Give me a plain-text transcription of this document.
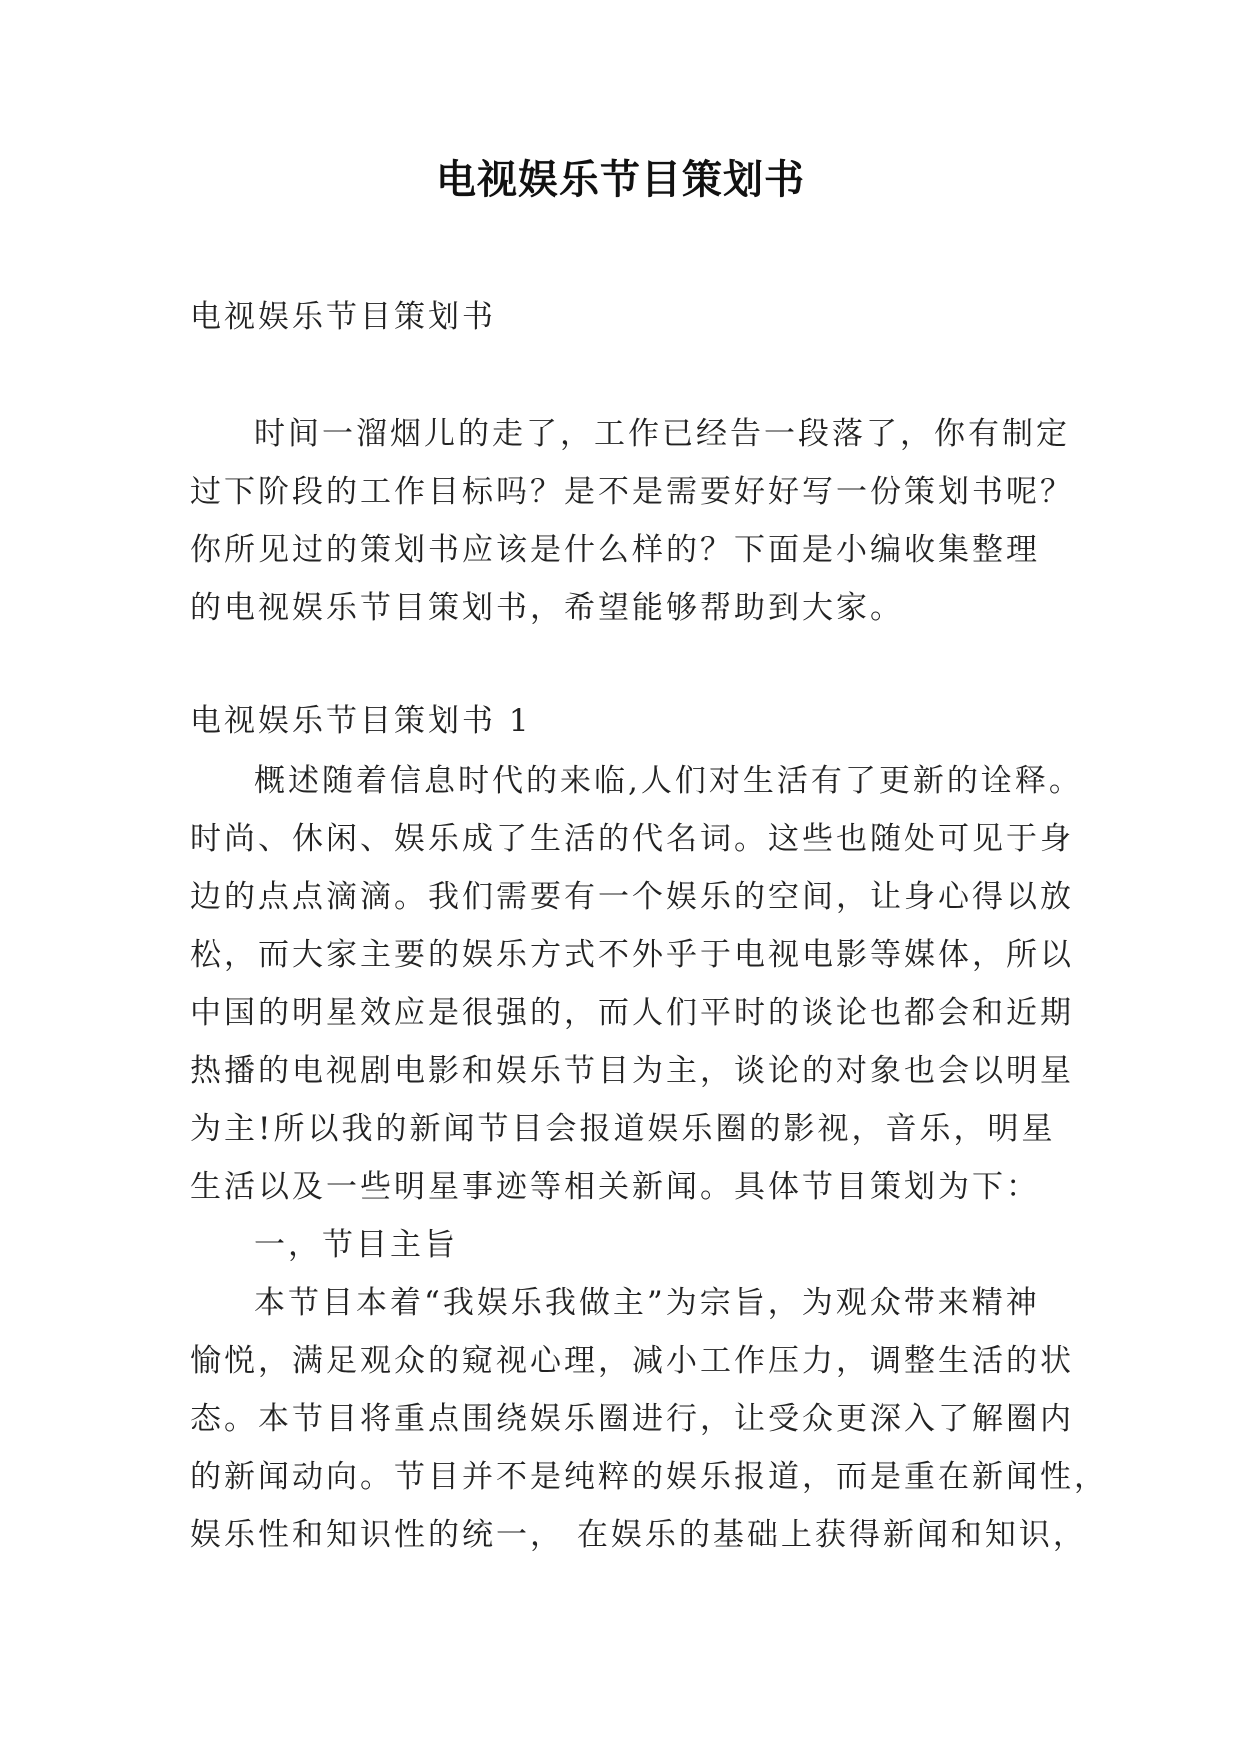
电视娱乐节目策划书
电视娱乐节目策划书
时间一溜烟儿的走了，工作已经告一段落了，你有制定
过下阶段的工作目标吗？是不是需要好好写一份策划书呢？
你所见过的策划书应该是什么样的？下面是小编收集整理
的电视娱乐节目策划书，希望能够帮助到大家。
电视娱乐节目策划书 1
概述随着信息时代的来临,人们对生活有了更新的诠释。
时尚、休闲、娱乐成了生活的代名词。这些也随处可见于身
边的点点滴滴。我们需要有一个娱乐的空间，让身心得以放
松，而大家主要的娱乐方式不外乎于电视电影等媒体，所以
中国的明星效应是很强的，而人们平时的谈论也都会和近期
热播的电视剧电影和娱乐节目为主，谈论的对象也会以明星
为主!所以我的新闻节目会报道娱乐圈的影视，音乐，明星
生活以及一些明星事迹等相关新闻。具体节目策划为下：
一，节目主旨
本节目本着“我娱乐我做主”为宗旨，为观众带来精神
愉悦，满足观众的窥视心理，减小工作压力，调整生活的状
态。本节目将重点围绕娱乐圈进行，让受众更深入了解圈内
的新闻动向。节目并不是纯粹的娱乐报道，而是重在新闻性，
娱乐性和知识性的统一， 在娱乐的基础上获得新闻和知识，
